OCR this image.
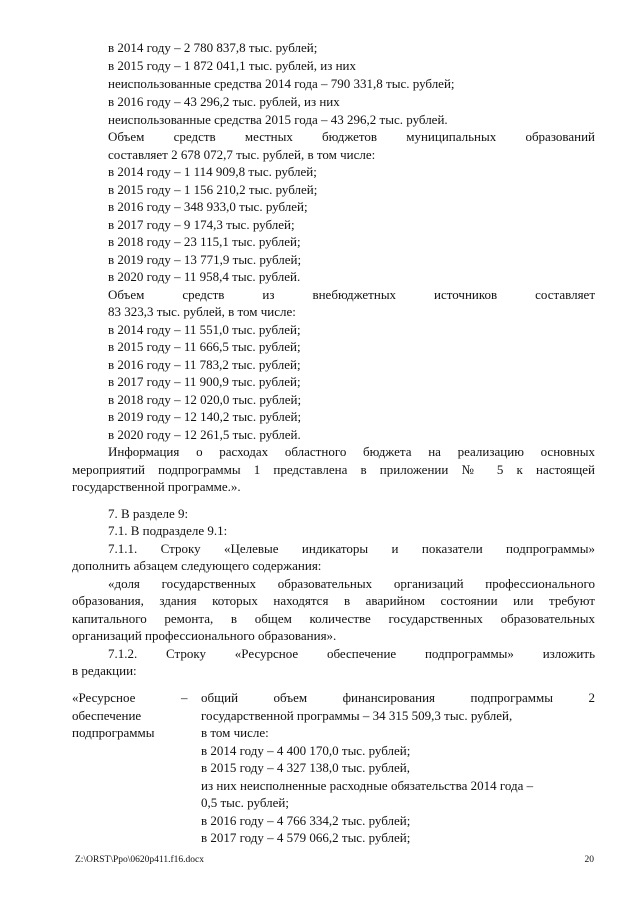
в 2014 году – 2 780 837,8 тыс. рублей;
в 2015 году – 1 872 041,1 тыс. рублей, из них
неиспользованные средства 2014 года – 790 331,8 тыс. рублей;
в 2016 году – 43 296,2 тыс. рублей, из них
неиспользованные средства 2015 года – 43 296,2 тыс. рублей.
Объем средств местных бюджетов муниципальных образований
составляет 2 678 072,7 тыс. рублей, в том числе:
в 2014 году – 1 114 909,8 тыс. рублей;
в 2015 году – 1 156 210,2 тыс. рублей;
в 2016 году – 348 933,0 тыс. рублей;
в 2017 году – 9 174,3 тыс. рублей;
в 2018 году – 23 115,1 тыс. рублей;
в 2019 году – 13 771,9 тыс. рублей;
в 2020 году – 11 958,4 тыс. рублей.
Объем средств из внебюджетных источников составляет
83 323,3 тыс. рублей, в том числе:
в 2014 году – 11 551,0 тыс. рублей;
в 2015 году – 11 666,5 тыс. рублей;
в 2016 году – 11 783,2 тыс. рублей;
в 2017 году – 11 900,9 тыс. рублей;
в 2018 году – 12 020,0 тыс. рублей;
в 2019 году – 12 140,2 тыс. рублей;
в 2020 году – 12 261,5 тыс. рублей.
Информация о расходах областного бюджета на реализацию основных
мероприятий подпрограммы 1 представлена в приложении № 5 к настоящей
государственной программе.».
7. В разделе 9:
7.1. В подразделе 9.1:
7.1.1. Строку «Целевые индикаторы и показатели подпрограммы»
дополнить абзацем следующего содержания:
«доля государственных образовательных организаций профессионального
образования, здания которых находятся в аварийном состоянии или требуют
капитального ремонта, в общем количестве государственных образовательных
организаций профессионального образования».
7.1.2. Строку «Ресурсное обеспечение подпрограммы» изложить
в редакции:
«Ресурсное
обеспечение
подпрограммы
– общий объем финансирования подпрограммы 2
государственной программы – 34 315 509,3 тыс. рублей,
в том числе:
в 2014 году – 4 400 170,0 тыс. рублей;
в 2015 году – 4 327 138,0 тыс. рублей,
из них неисполненные расходные обязательства 2014 года –
0,5 тыс. рублей;
в 2016 году – 4 766 334,2 тыс. рублей;
в 2017 году – 4 579 066,2 тыс. рублей;
Z:\ORST\Ppo\0620p411.f16.docx	20
